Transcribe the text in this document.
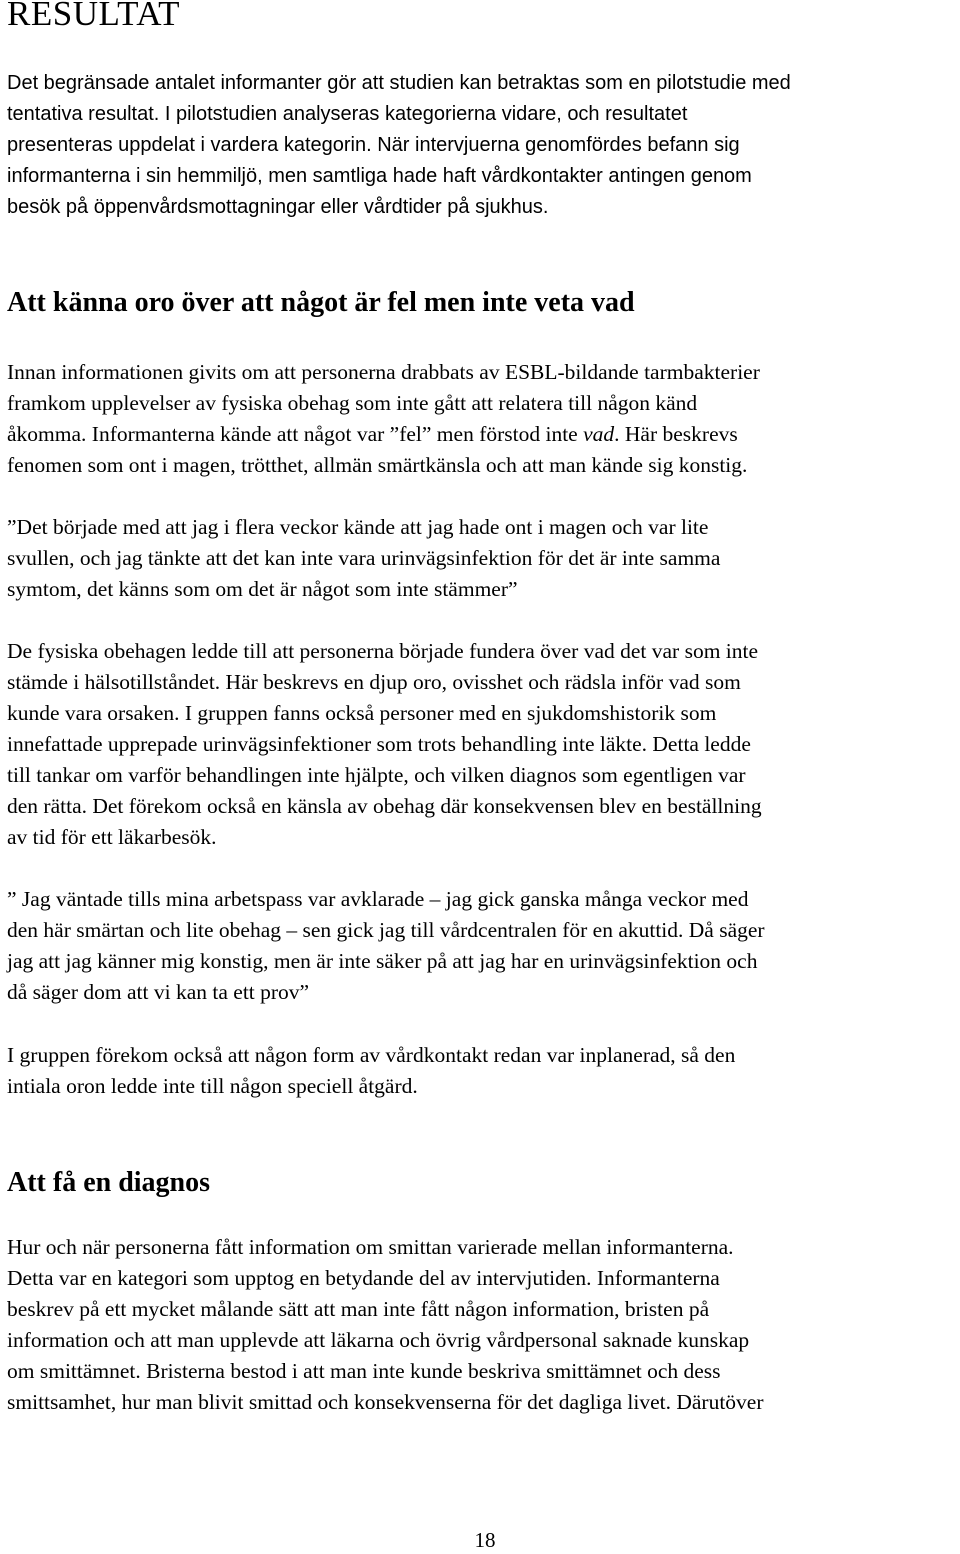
RESULTAT

Det begränsade antalet informanter gör att studien kan betraktas som en pilotstudie med
tentativa resultat. I pilotstudien analyseras kategorierna vidare, och resultatet
presenteras uppdelat i vardera kategorin. När intervjuerna genomfördes befann sig
informanterna i sin hemmiljö, men samtliga hade haft vårdkontakter antingen genom
besök på öppenvårdsmottagningar eller vårdtider på sjukhus.

Att känna oro över att något är fel men inte veta vad

Innan informationen givits om att personerna drabbats av ESBL-bildande tarmbakterier
framkom upplevelser av fysiska obehag som inte gått att relatera till någon känd
åkomma. Informanterna kände att något var ”fel” men förstod inte vad. Här beskrevs
fenomen som ont i magen, trötthet, allmän smärtkänsla och att man kände sig konstig.

”Det började med att jag i flera veckor kände att jag hade ont i magen och var lite
svullen, och jag tänkte att det kan inte vara urinvägsinfektion för det är inte samma
symtom, det känns som om det är något som inte stämmer”

De fysiska obehagen ledde till att personerna började fundera över vad det var som inte
stämde i hälsotillståndet. Här beskrevs en djup oro, ovisshet och rädsla inför vad som
kunde vara orsaken. I gruppen fanns också personer med en sjukdomshistorik som
innefattade upprepade urinvägsinfektioner som trots behandling inte läkte. Detta ledde
till tankar om varför behandlingen inte hjälpte, och vilken diagnos som egentligen var
den rätta. Det förekom också en känsla av obehag där konsekvensen blev en beställning
av tid för ett läkarbesök.

” Jag väntade tills mina arbetspass var avklarade – jag gick ganska många veckor med
den här smärtan och lite obehag – sen gick jag till vårdcentralen för en akuttid. Då säger
jag att jag känner mig konstig, men är inte säker på att jag har en urinvägsinfektion och
då säger dom att vi kan ta ett prov”

I gruppen förekom också att någon form av vårdkontakt redan var inplanerad, så den
intiala oron ledde inte till någon speciell åtgärd.

Att få en diagnos

Hur och när personerna fått information om smittan varierade mellan informanterna.
Detta var en kategori som upptog en betydande del av intervjutiden. Informanterna
beskrev på ett mycket målande sätt att man inte fått någon information, bristen på
information och att man upplevde att läkarna och övrig vårdpersonal saknade kunskap
om smittämnet. Bristerna bestod i att man inte kunde beskriva smittämnet och dess
smittsamhet, hur man blivit smittad och konsekvenserna för det dagliga livet. Därutöver

18
